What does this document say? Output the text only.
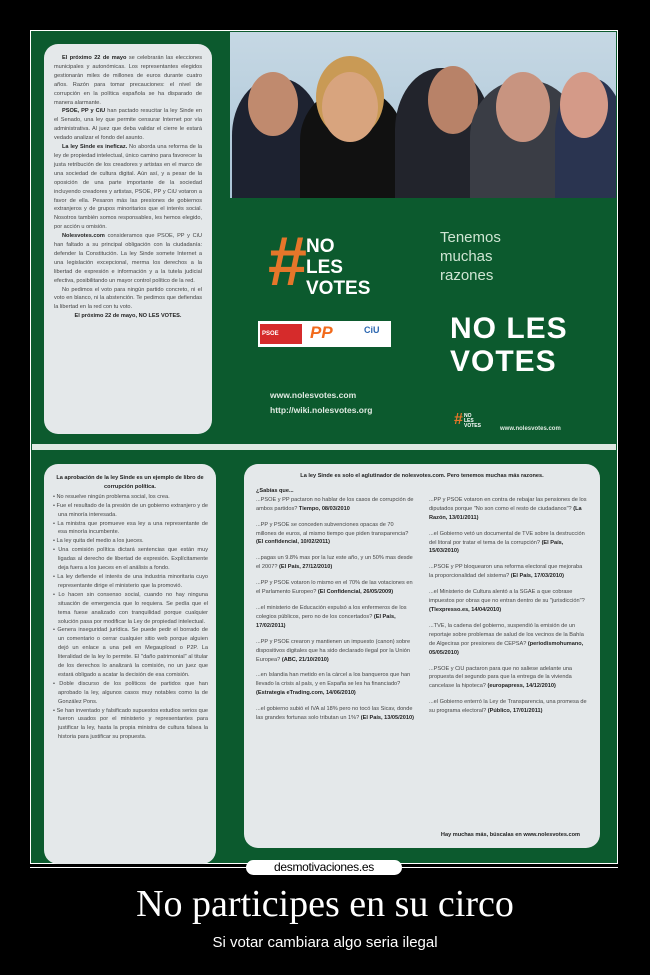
El próximo 22 de mayo se celebrarán las elecciones municipales y autonómicas. Los representantes elegidos gestionarán miles de millones de euros durante cuatro años. Razón para tomar precauciones: el nivel de corrupción en la política española se ha disparado de manera alarmante.

PSOE, PP y CiU han pactado resucitar la ley Sinde en el Senado, una ley que permite censurar Internet por vía administrativa. Al juez que deba validar el cierre le estará vedado analizar el fondo del asunto.

La ley Sinde es ineficaz. No aborda una reforma de la ley de propiedad intelectual, único camino para favorecer la justa retribución de los creadores y artistas en el marco de una sociedad de cultura digital. Aún así, y a pesar de la oposición de una parte importante de la sociedad incluyendo creadores y artistas, PSOE, PP y CiU votaron a favor de ella. Pesaron más las presiones de gobiernos extranjeros y de grupos minoritarios que el interés social. Nosotros también somos responsables, les hemos elegido, por acción u omisión.

Nolesvotes.com consideramos que PSOE, PP y CiU han faltado a su principal obligación con la ciudadanía: defender la Constitución. La ley Sinde somete Internet a una legislación excepcional, merma los derechos a la libertad de expresión e información y a la tutela judicial efectiva, posibilitando un mayor control político de la red.

No pedimos el voto para ningún partido concreto, ni el voto en blanco, ni la abstención. Te pedimos que defiendas la libertad en la red con tu voto.

El próximo 22 de mayo, NO LES VOTES.

# NO
LES
VOTES
PSOE	PP	CiU
www.nolesvotes.com
http://wiki.nolesvotes.org
Tenemos
muchas
razones
NO LES
VOTES
# NO
LES
VOTES	www.nolesvotes.com
La aprobación de la ley Sinde es un ejemplo de libro de corrupción política.
• No resuelve ningún problema social, los crea.
• Fue el resultado de la presión de un gobierno extranjero y de una minoría interesada.
• La ministra que promueve esa ley a una representante de esa minoría incumbente.
• La ley quita del medio a los jueces.
• Una comisión política dictará sentencias que están muy ligadas al derecho de libertad de expresión. Explícitamente deja fuera a los jueces en el análisis a fondo.
• La ley defiende el interés de una industria minoritaria cuyo representante dirige el ministerio que la promovió.
• Lo hacen sin consenso social, cuando no hay ninguna situación de emergencia que lo requiera. Se pedía que el tema fuese analizado con tranquilidad porque cualquier solución pasa por modificar la Ley de propiedad intelectual.
• Genera inseguridad jurídica. Se puede pedir el borrado de un comentario o cerrar cualquier sitio web porque alguien dejó un enlace a una peli en Megaupload o P2P. La literalidad de la ley lo permite. El "daño patrimonial" al titular de los derechos lo analizará la comisión, no un juez que estará obligado a acatar la decisión de esa comisión.
• Doble discurso de los políticos de partidos que han aprobado la ley, algunos casos muy notables como la de González Pons.
• Se han inventado y falsificado supuestos estudios serios que fueron usados por el ministerio y representantes para justificar la ley, hasta la propia ministra de cultura falsea la historia para justificar su propuesta.
La ley Sinde es solo el aglutinador de nolesvotes.com. Pero tenemos muchas más razones.

¿Sabías que...

...PSOE y PP pactaron no hablar de los casos de corrupción de ambos partidos? Tiempo, 08/03/2010

...PP y PSOE se conceden subvenciones opacas de 70 millones de euros, al mismo tiempo que piden transparencia? (El confidencial, 10/02/2011)

...pagas un 9.8% mas por la luz este año, y un 50% mas desde el 2007? (El País, 27/12/2010)

...PP y PSOE votaron lo mismo en el 70% de las votaciones en el Parlamento Europeo? (El Confidencial, 26/05/2009)

...el ministerio de Educación expulsó a los enfermeros de los colegios públicos, pero no de los concertados? (El País, 17/02/2011)

...PP y PSOE crearon y mantienen un impuesto (canon) sobre dispositivos digitales que ha sido declarado ilegal por la Unión Europea? (ABC, 21/10/2010)

...en Islandia han metido en la cárcel a los banqueros que han llevado la crisis al país, y en España se les ha financiado? (Estrategia eTrading.com, 14/06/2010)

...el gobierno subió el IVA al 18% pero no tocó las Sicav, donde las grandes fortunas solo tributan un 1%? (El País, 13/05/2010)

...PP y PSOE votaron en contra de rebajar las pensiones de los diputados porque "No son como el resto de ciudadanos"? (La Razón, 13/01/2011)

...el Gobierno vetó un documental de TVE sobre la destrucción del litoral por tratar el tema de la corrupción? (El País, 15/03/2010)

...PSOE y PP bloquearon una reforma electoral que mejoraba la proporcionalidad del sistema? (El País, 17/03/2010)

...el Ministerio de Cultura alentó a la SGAE a que cobrase impuestos por obras que no entran dentro de su "jurisdicción"? (Tlexpresso.es, 14/04/2010)

...TVE, la cadena del gobierno, suspendió la emisión de un reportaje sobre problemas de salud de los vecinos de la Bahía de Algeciras por presiones de CEPSA? (periodismohumano, 05/05/2010)

...PSOE y CiU pactaron para que no saliese adelante una propuesta del segundo para que la entrega de la vivienda cancelase la hipoteca? (europapress, 14/12/2010)

...el Gobierno enterró la Ley de Transparencia, una promesa de su programa electoral? (Público, 17/01/2011)

Hay muchas más, búscalas en www.nolesvotes.com
desmotivaciones.es
No participes en su circo
Si votar cambiara algo seria ilegal
